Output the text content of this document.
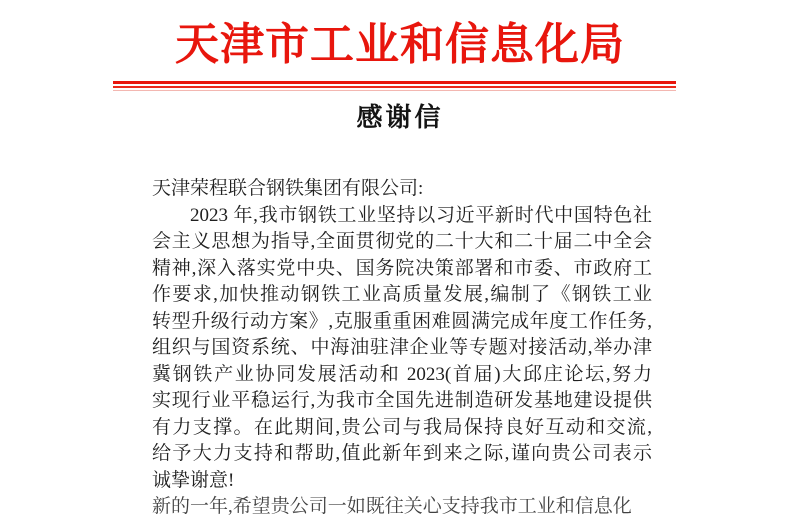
天津市工业和信息化局
感谢信
天津荣程联合钢铁集团有限公司:
2023 年,我市钢铁工业坚持以习近平新时代中国特色社
会主义思想为指导,全面贯彻党的二十大和二十届二中全会
精神,深入落实党中央、国务院决策部署和市委、市政府工
作要求,加快推动钢铁工业高质量发展,编制了《钢铁工业
转型升级行动方案》,克服重重困难圆满完成年度工作任务,
组织与国资系统、中海油驻津企业等专题对接活动,举办津
冀钢铁产业协同发展活动和 2023(首届)大邱庄论坛,努力
实现行业平稳运行,为我市全国先进制造研发基地建设提供
有力支撑。在此期间,贵公司与我局保持良好互动和交流,
给予大力支持和帮助,值此新年到来之际,谨向贵公司表示
诚挚谢意!
新的一年,希望贵公司一如既往关心支持我市工业和信息化
